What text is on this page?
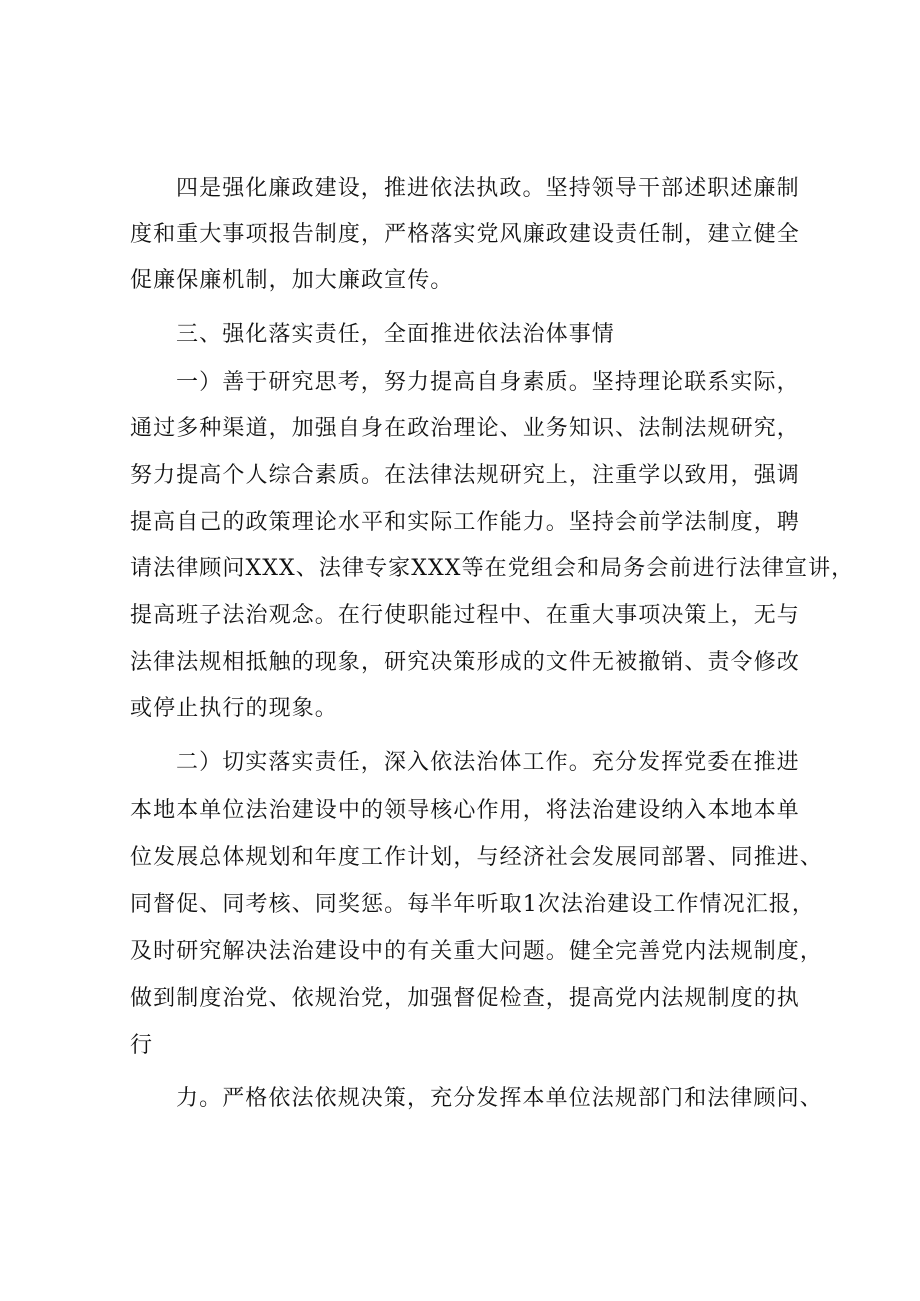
四是强化廉政建设，推进依法执政。坚持领导干部述职述廉制
度和重大事项报告制度，严格落实党风廉政建设责任制，建立健全
促廉保廉机制，加大廉政宣传。
三、强化落实责任，全面推进依法治体事情
一）善于研究思考，努力提高自身素质。坚持理论联系实际，
通过多种渠道，加强自身在政治理论、业务知识、法制法规研究，
努力提高个人综合素质。在法律法规研究上，注重学以致用，强调
提高自己的政策理论水平和实际工作能力。坚持会前学法制度，聘
请法律顾问XXX、法律专家XXX等在党组会和局务会前进行法律宣讲，
提高班子法治观念。在行使职能过程中、在重大事项决策上，无与
法律法规相抵触的现象，研究决策形成的文件无被撤销、责令修改
或停止执行的现象。
二）切实落实责任，深入依法治体工作。充分发挥党委在推进
本地本单位法治建设中的领导核心作用，将法治建设纳入本地本单
位发展总体规划和年度工作计划，与经济社会发展同部署、同推进、
同督促、同考核、同奖惩。每半年听取1次法治建设工作情况汇报，
及时研究解决法治建设中的有关重大问题。健全完善党内法规制度，
做到制度治党、依规治党，加强督促检查，提高党内法规制度的执
行
力。严格依法依规决策，充分发挥本单位法规部门和法律顾问、
